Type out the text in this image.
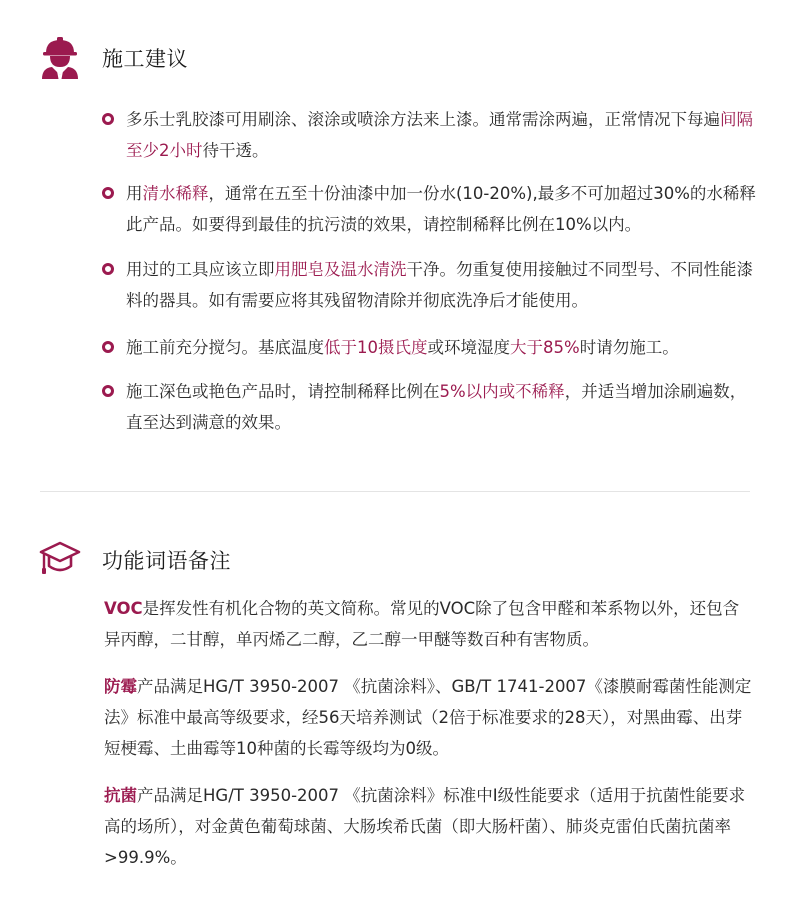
施工建议
多乐士乳胶漆可用刷涂、滚涂或喷涂方法来上漆。通常需涂两遍，正常情况下每遍间隔至少2小时待干透。
用清水稀释，通常在五至十份油漆中加一份水(10-20%),最多不可加超过30%的水稀释此产品。如要得到最佳的抗污渍的效果，请控制稀释比例在10%以内。
用过的工具应该立即用肥皂及温水清洗干净。勿重复使用接触过不同型号、不同性能漆料的器具。如有需要应将其残留物清除并彻底洗净后才能使用。
施工前充分搅匀。基底温度低于10摄氏度或环境湿度大于85%时请勿施工。
施工深色或艳色产品时，请控制稀释比例在5%以内或不稀释，并适当增加涂刷遍数，直至达到满意的效果。
功能词语备注

VOC是挥发性有机化合物的英文简称。常见的VOC除了包含甲醛和苯系物以外，还包含异丙醇，二甘醇，单丙烯乙二醇，乙二醇一甲醚等数百种有害物质。

防霉产品满足HG/T 3950-2007 《抗菌涂料》、GB/T 1741-2007《漆膜耐霉菌性能测定法》标准中最高等级要求，经56天培养测试（2倍于标准要求的28天），对黑曲霉、出芽短梗霉、土曲霉等10种菌的长霉等级均为0级。

抗菌产品满足HG/T 3950-2007 《抗菌涂料》标准中I级性能要求（适用于抗菌性能要求高的场所），对金黄色葡萄球菌、大肠埃希氏菌（即大肠杆菌）、肺炎克雷伯氏菌抗菌率>99.9%。
